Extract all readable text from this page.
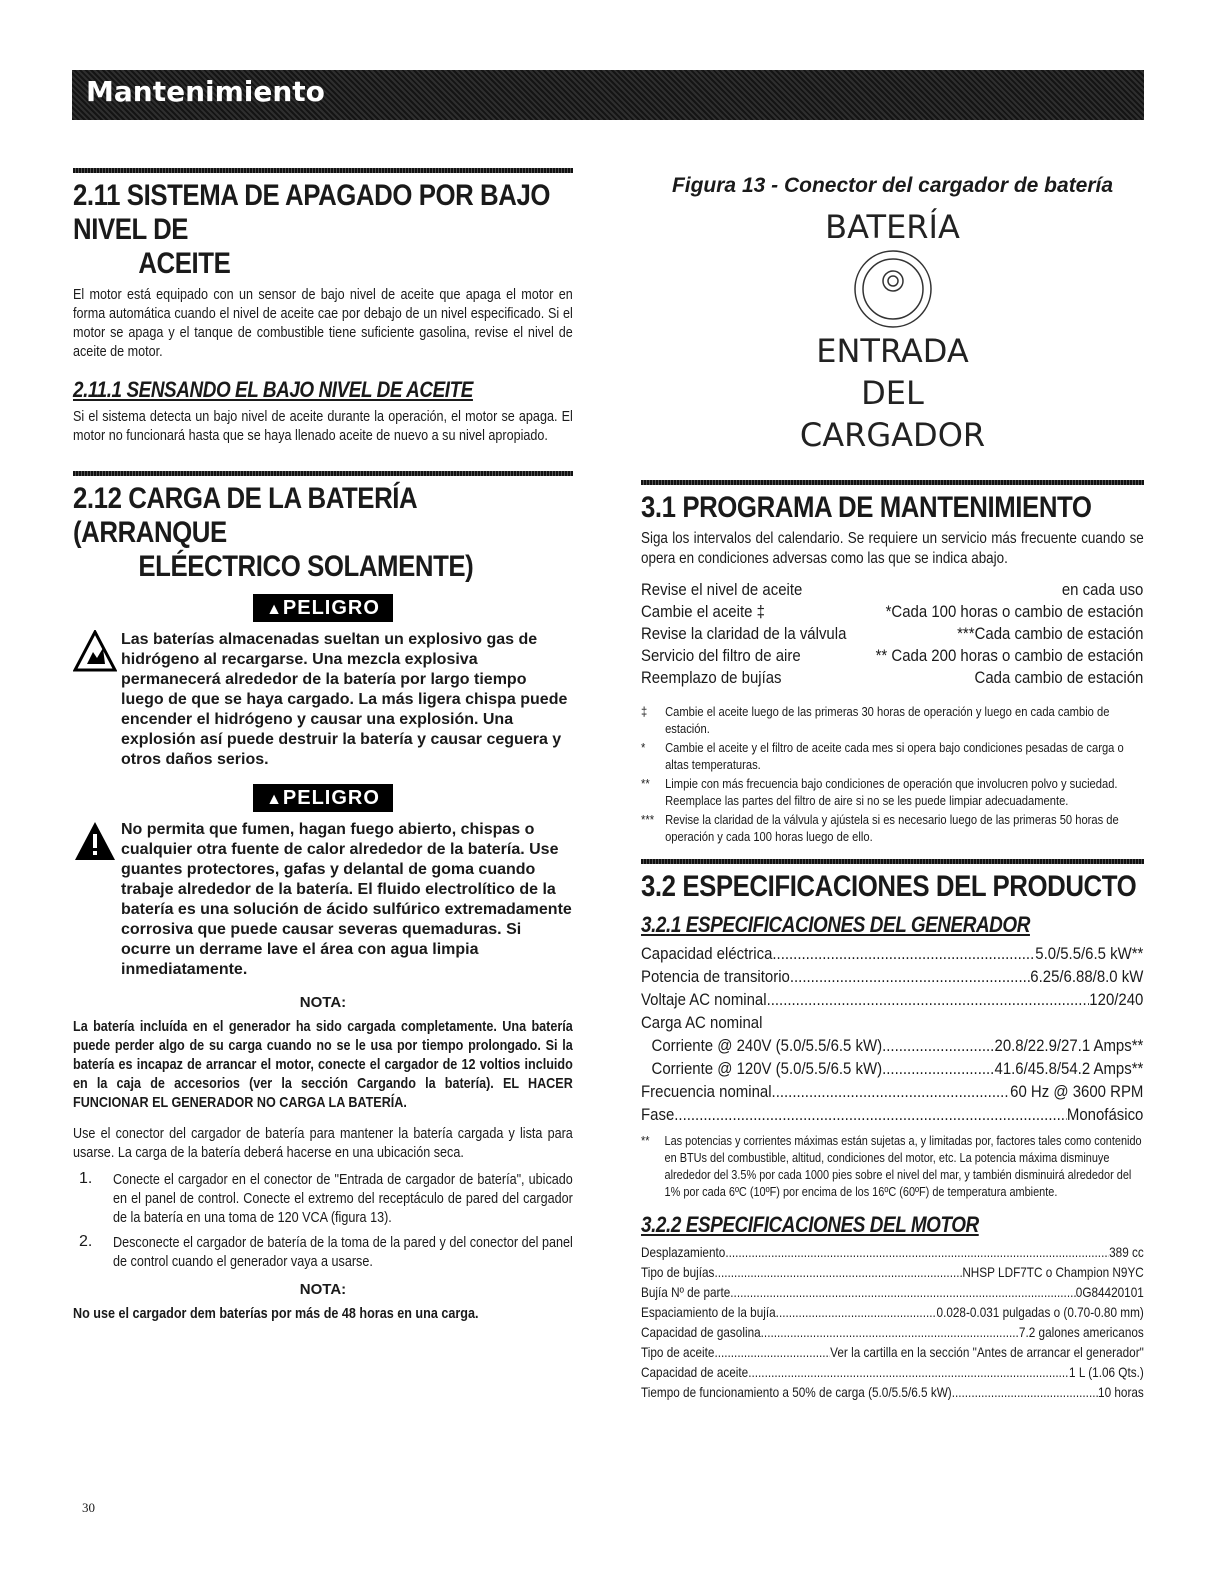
Mantenimiento
2.11 SISTEMA DE APAGADO POR BAJO NIVEL DE
ACEITE

El motor está equipado con un sensor de bajo nivel de aceite que apaga el motor en forma automática cuando el nivel de aceite cae por debajo de un nivel especificado. Si el motor se apaga y el tanque de combustible tiene suficiente gasolina, revise el nivel de aceite de motor.

2.11.1 SENSANDO EL BAJO NIVEL DE ACEITE

Si el sistema detecta un bajo nivel de aceite durante la operación, el motor se apaga. El motor no funcionará hasta que se haya llenado aceite de nuevo a su nivel apropiado.

2.12 CARGA DE LA BATERÍA (ARRANQUE
ELÉECTRICO SOLAMENTE)
▲PELIGRO
Las baterías almacenadas sueltan un explosivo gas de hidrógeno al recargarse. Una mezcla explosiva permanecerá alrededor de la batería por largo tiempo luego de que se haya cargado. La más ligera chispa puede encender el hidrógeno y causar una explosión. Una explosión así puede destruir la batería y causar ceguera y otros daños serios.
▲PELIGRO
No permita que fumen, hagan fuego abierto, chispas o cualquier otra fuente de calor alrededor de la batería. Use guantes protectores, gafas y delantal de goma cuando trabaje alrededor de la batería. El fluido electrolítico de la batería es una solución de ácido sulfúrico extremadamente corrosiva que puede causar severas quemaduras. Si ocurre un derrame lave el área con agua limpia inmediatamente.
NOTA:

La batería incluída en el generador ha sido cargada completamente. Una batería puede perder algo de su carga cuando no se le usa por tiempo prolongado. Si la batería es incapaz de arrancar el motor, conecte el cargador de 12 voltios incluido en la caja de accesorios (ver la sección Cargando la batería). EL HACER FUNCIONAR EL GENERADOR NO CARGA LA BATERÍA.

Use el conector del cargador de batería para mantener la batería cargada y lista para usarse. La carga de la batería deberá hacerse en una ubicación seca.

1. Conecte el cargador en el conector de "Entrada de cargador de batería", ubicado en el panel de control. Conecte el extremo del receptáculo de pared del cargador de la batería en una toma de 120 VCA (figura 13).

2. Desconecte el cargador de batería de la toma de la pared y del conector del panel de control cuando el generador vaya a usarse.

NOTA:

No use el cargador dem baterías por más de 48 horas en una carga.

Figura 13 - Conector del cargador de batería
BATERÍA
ENTRADA
DEL
CARGADOR
3.1 PROGRAMA DE MANTENIMIENTO

Siga los intervalos del calendario. Se requiere un servicio más frecuente cuando se opera en condiciones adversas como las que se indica abajo.

Revise el nivel de aceite	en cada uso
Cambie el aceite ‡	*Cada 100 horas o cambio de estación
Revise la claridad de la válvula	***Cada cambio de estación
Servicio del filtro de aire	** Cada 200 horas o cambio de estación
Reemplazo de bujías	Cada cambio de estación
‡ Cambie el aceite luego de las primeras 30 horas de operación y luego en cada cambio de estación.
* Cambie el aceite y el filtro de aceite cada mes si opera bajo condiciones pesadas de carga o altas temperaturas.
** Limpie con más frecuencia bajo condiciones de operación que involucren polvo y suciedad. Reemplace las partes del filtro de aire si no se les puede limpiar adecuadamente.
*** Revise la claridad de la válvula y ajústela si es necesario luego de las primeras 50 horas de operación y cada 100 horas luego de ello.
3.2 ESPECIFICACIONES DEL PRODUCTO
3.2.1 ESPECIFICACIONES DEL GENERADOR
Capacidad eléctrica .....	5.0/5.5/6.5 kW**
Potencia de transitorio .....	6.25/6.88/8.0 kW
Voltaje AC nominal .....	120/240
Carga AC nominal
Corriente @ 240V (5.0/5.5/6.5 kW) .....	20.8/22.9/27.1 Amps**
Corriente @ 120V (5.0/5.5/6.5 kW) .....	41.6/45.8/54.2 Amps**
Frecuencia nominal .....	60 Hz @ 3600 RPM
Fase .....	Monofásico
** Las potencias y corrientes máximas están sujetas a, y limitadas por, factores tales como contenido en BTUs del combustible, altitud, condiciones del motor, etc. La potencia máxima disminuye alrededor del 3.5% por cada 1000 pies sobre el nivel del mar, y también disminuirá alrededor del 1% por cada 6ºC (10ºF) por encima de los 16ºC (60ºF) de temperatura ambiente.
3.2.2 ESPECIFICACIONES DEL MOTOR
Desplazamiento .....	389 cc
Tipo de bujías .....	NHSP LDF7TC o Champion N9YC
Bujía Nº de parte .....	0G84420101
Espaciamiento de la bujía .....	0.028-0.031 pulgadas o (0.70-0.80 mm)
Capacidad de gasolina .....	7.2 galones americanos
Tipo de aceite .....	Ver la cartilla en la sección "Antes de arrancar el generador"
Capacidad de aceite .....	1 L (1.06 Qts.)
Tiempo de funcionamiento a 50% de carga (5.0/5.5/6.5 kW) .....	10 horas
30
